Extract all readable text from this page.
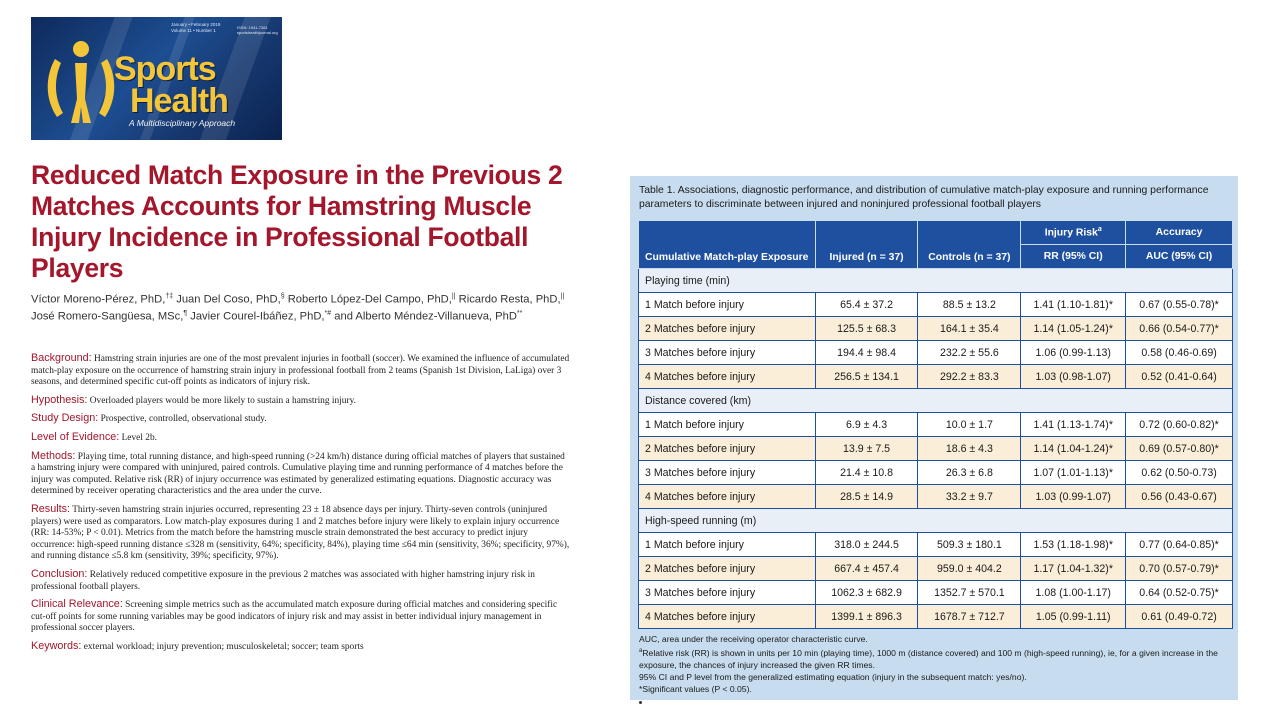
January • February 2019
Volume 11 • Number 1
ISSN: 1941-7381
sportshealthjournal.org
Sports
Health
A Multidisciplinary Approach
Reduced Match Exposure in the Previous 2 Matches Accounts for Hamstring Muscle Injury Incidence in Professional Football Players
Víctor Moreno-Pérez, PhD,†‡ Juan Del Coso, PhD,§ Roberto López-Del Campo, PhD,|| Ricardo Resta, PhD,|| José Romero-Sangüesa, MSc,¶ Javier Courel-Ibáñez, PhD,*# and Alberto Méndez-Villanueva, PhD**

Background: Hamstring strain injuries are one of the most prevalent injuries in football (soccer). We examined the influence of accumulated match-play exposure on the occurrence of hamstring strain injury in professional football from 2 teams (Spanish 1st Division, LaLiga) over 3 seasons, and determined specific cut-off points as indicators of injury risk.

Hypothesis: Overloaded players would be more likely to sustain a hamstring injury.

Study Design: Prospective, controlled, observational study.

Level of Evidence: Level 2b.

Methods: Playing time, total running distance, and high-speed running (>24 km/h) distance during official matches of players that sustained a hamstring injury were compared with uninjured, paired controls. Cumulative playing time and running performance of 4 matches before the injury was computed. Relative risk (RR) of injury occurrence was estimated by generalized estimating equations. Diagnostic accuracy was determined by receiver operating characteristics and the area under the curve.

Results: Thirty-seven hamstring strain injuries occurred, representing 23 ± 18 absence days per injury. Thirty-seven controls (uninjured players) were used as comparators. Low match-play exposures during 1 and 2 matches before injury were likely to explain injury occurrence (RR: 14-53%; P < 0.01). Metrics from the match before the hamstring muscle strain demonstrated the best accuracy to predict injury occurrence: high-speed running distance ≤328 m (sensitivity, 64%; specificity, 84%), playing time ≤64 min (sensitivity, 36%; specificity, 97%), and running distance ≤5.8 km (sensitivity, 39%; specificity, 97%).

Conclusion: Relatively reduced competitive exposure in the previous 2 matches was associated with higher hamstring injury risk in professional football players.

Clinical Relevance: Screening simple metrics such as the accumulated match exposure during official matches and considering specific cut-off points for some running variables may be good indicators of injury risk and may assist in better individual injury management in professional soccer players.

Keywords: external workload; injury prevention; musculoskeletal; soccer; team sports

Table 1. Associations, diagnostic performance, and distribution of cumulative match-play exposure and running performance parameters to discriminate between injured and noninjured professional football players
Cumulative Match-play Exposure	Injured (n = 37)	Controls (n = 37)	Injury Risk$^a$	Accuracy
			RR (95% CI)	AUC (95% CI)
Playing time (min)				
1 Match before injury	65.4 ± 37.2	88.5 ± 13.2	1.41 (1.10-1.81)*	0.67 (0.55-0.78)*
2 Matches before injury	125.5 ± 68.3	164.1 ± 35.4	1.14 (1.05-1.24)*	0.66 (0.54-0.77)*
3 Matches before injury	194.4 ± 98.4	232.2 ± 55.6	1.06 (0.99-1.13)	0.58 (0.46-0.69)
4 Matches before injury	256.5 ± 134.1	292.2 ± 83.3	1.03 (0.98-1.07)	0.52 (0.41-0.64)
Distance covered (km)				
1 Match before injury	6.9 ± 4.3	10.0 ± 1.7	1.41 (1.13-1.74)*	0.72 (0.60-0.82)*
2 Matches before injury	13.9 ± 7.5	18.6 ± 4.3	1.14 (1.04-1.24)*	0.69 (0.57-0.80)*
3 Matches before injury	21.4 ± 10.8	26.3 ± 6.8	1.07 (1.01-1.13)*	0.62 (0.50-0.73)
4 Matches before injury	28.5 ± 14.9	33.2 ± 9.7	1.03 (0.99-1.07)	0.56 (0.43-0.67)
High-speed running (m)				
1 Match before injury	318.0 ± 244.5	509.3 ± 180.1	1.53 (1.18-1.98)*	0.77 (0.64-0.85)*
2 Matches before injury	667.4 ± 457.4	959.0 ± 404.2	1.17 (1.04-1.32)*	0.70 (0.57-0.79)*
3 Matches before injury	1062.3 ± 682.9	1352.7 ± 570.1	1.08 (1.00-1.17)	0.64 (0.52-0.75)*
4 Matches before injury	1399.1 ± 896.3	1678.7 ± 712.7	1.05 (0.99-1.11)	0.61 (0.49-0.72)
AUC, area under the receiving operator characteristic curve.
$^a$Relative risk (RR) is shown in units per 10 min (playing time), 1000 m (distance covered) and 100 m (high-speed running), ie, for a given increase in the exposure, the chances of injury increased the given RR times.
95% CI and P level from the generalized estimating equation (injury in the subsequent match: yes/no).
*Significant values (P < 0.05).
